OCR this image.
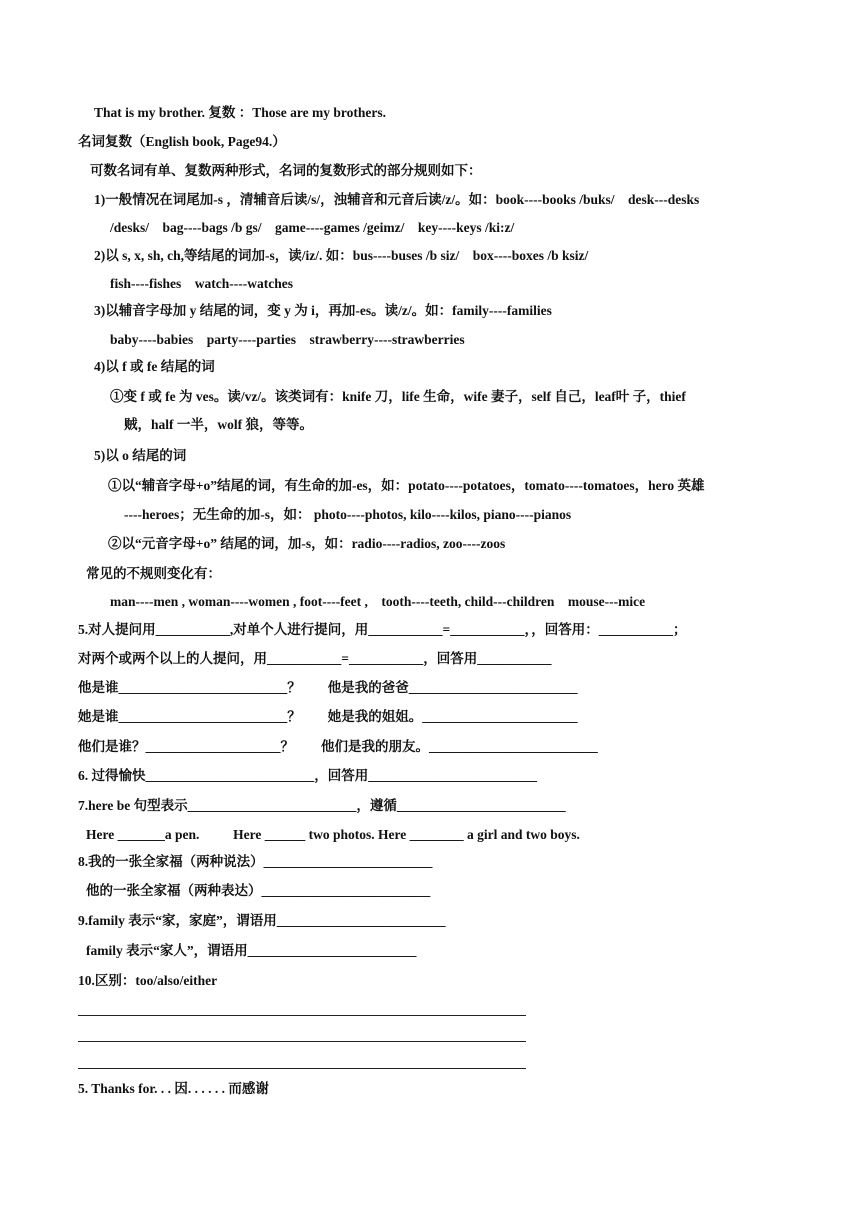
That is my brother. 复数 ：Those are my brothers.
名词复数（English book, Page94.）
可数名词有单、复数两种形式，名词的复数形式的部分规则如下：
1)一般情况在词尾加-s ，清辅音后读/s/，浊辅音和元音后读/z/。如：book----books /buks/    desk---desks
/desks/    bag----bags /b gs/    game----games /geimz/    key----keys /ki:z/
2)以 s, x, sh, ch,等结尾的词加-s，读/iz/. 如：bus----buses /b siz/    box----boxes /b ksiz/
fish----fishes    watch----watches
3)以辅音字母加 y 结尾的词，变 y 为 i，再加-es。读/z/。如：family----families
baby----babies    party----parties    strawberry----strawberries
4)以 f 或 fe 结尾的词
①变 f 或 fe 为 ves。读/vz/。该类词有：knife 刀，life 生命，wife 妻子，self 自己，leaf叶 子，thief
贼，half 一半，wolf 狼，等等。
5)以 o 结尾的词
①以“辅音字母+o”结尾的词，有生命的加-es，如：potato----potatoes，tomato----tomatoes，hero 英雄
----heroes；无生命的加-s，如： photo----photos, kilo----kilos, piano----pianos
②以“元音字母+o” 结尾的词，加-s，如：radio----radios, zoo----zoos
常见的不规则变化有：
man----men , woman----women , foot----feet ,    tooth----teeth, child---children    mouse---mice
5.对人提问用___________,对单个人进行提问，用___________=___________，，回答用：___________；
对两个或两个以上的人提问，用___________=___________，回答用___________
他是谁_________________________？        他是我的爸爸_________________________
她是谁_________________________？        她是我的姐姐。_______________________
他们是谁？____________________？        他们是我的朋友。_________________________
6. 过得愉快_________________________，回答用_________________________
7.here be 句型表示_________________________，遵循_________________________
Here _______a pen.          Here ______ two photos. Here ________ a girl and two boys.
8.我的一张全家福（两种说法）_________________________
他的一张全家福（两种表达）_________________________
9.family 表示“家，家庭”，谓语用_________________________
family 表示“家人”，谓语用_________________________
10.区别：too/also/either
5. Thanks for. . . 因. . . . . . 而感谢
